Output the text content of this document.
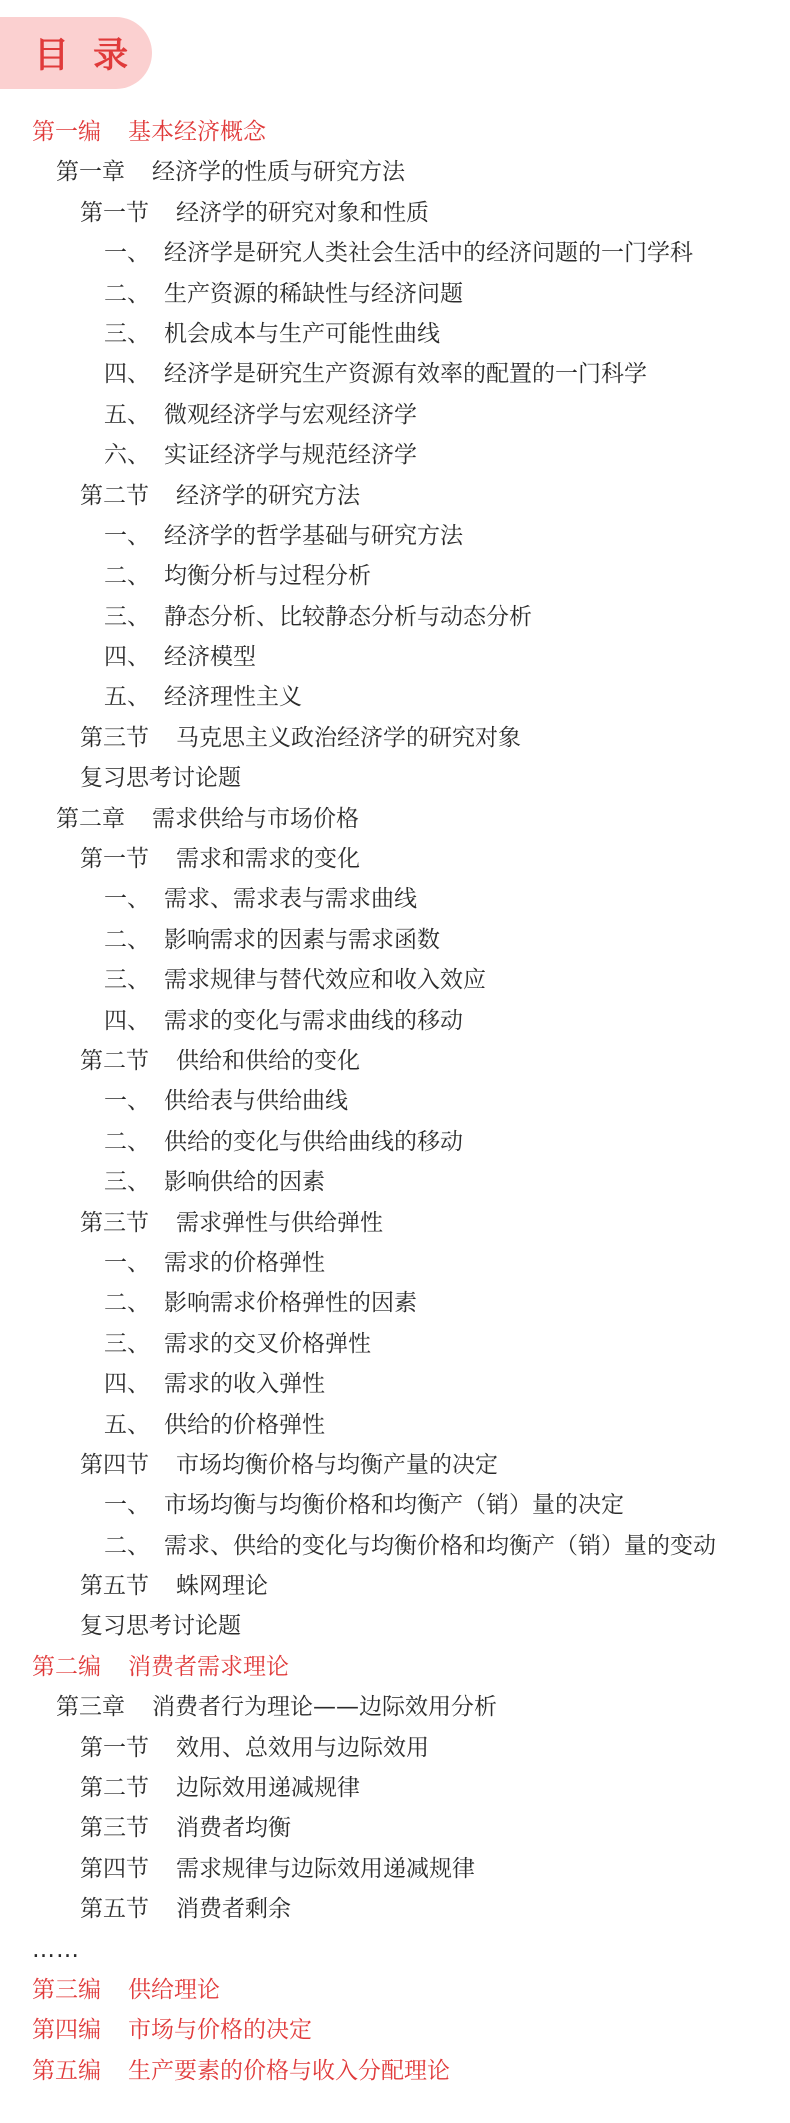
目 录
第一编	基本经济概念
第一章	经济学的性质与研究方法
第一节	经济学的研究对象和性质
一、 经济学是研究人类社会生活中的经济问题的一门学科
二、 生产资源的稀缺性与经济问题
三、 机会成本与生产可能性曲线
四、 经济学是研究生产资源有效率的配置的一门科学
五、 微观经济学与宏观经济学
六、 实证经济学与规范经济学
第二节	经济学的研究方法
一、 经济学的哲学基础与研究方法
二、 均衡分析与过程分析
三、 静态分析、比较静态分析与动态分析
四、 经济模型
五、 经济理性主义
第三节	马克思主义政治经济学的研究对象
复习思考讨论题
第二章	需求供给与市场价格
第一节	需求和需求的变化
一、 需求、需求表与需求曲线
二、 影响需求的因素与需求函数
三、 需求规律与替代效应和收入效应
四、 需求的变化与需求曲线的移动
第二节	供给和供给的变化
一、 供给表与供给曲线
二、 供给的变化与供给曲线的移动
三、 影响供给的因素
第三节	需求弹性与供给弹性
一、 需求的价格弹性
二、 影响需求价格弹性的因素
三、 需求的交叉价格弹性
四、 需求的收入弹性
五、 供给的价格弹性
第四节	市场均衡价格与均衡产量的决定
一、 市场均衡与均衡价格和均衡产（销）量的决定
二、 需求、供给的变化与均衡价格和均衡产（销）量的变动
第五节	蛛网理论
复习思考讨论题
第二编	消费者需求理论
第三章	消费者行为理论——边际效用分析
第一节	效用、总效用与边际效用
第二节	边际效用递减规律
第三节	消费者均衡
第四节	需求规律与边际效用递减规律
第五节	消费者剩余
……
第三编	供给理论
第四编	市场与价格的决定
第五编	生产要素的价格与收入分配理论
